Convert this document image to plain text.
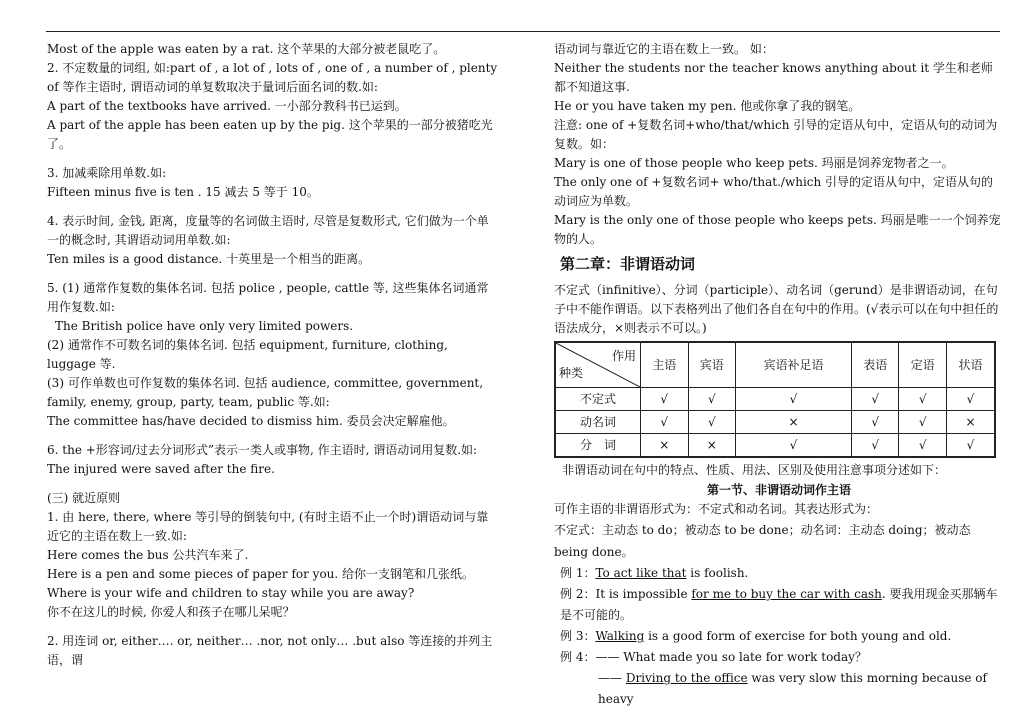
Most of the apple was eaten by a rat. 这个苹果的大部分被老鼠吃了。

2. 不定数量的词组, 如:part of , a lot of , lots of , one of , a number of , plenty of 等作主语时, 谓语动词的单复数取决于量词后面名词的数.如:

A part of the textbooks have arrived. 一小部分教科书已运到。

A part of the apple has been eaten up by the pig. 这个苹果的一部分被猪吃光了。

3. 加减乘除用单数.如:

Fifteen minus five is ten . 15 减去 5 等于 10。

4. 表示时间, 金钱, 距离，度量等的名词做主语时, 尽管是复数形式, 它们做为一个单一的概念时, 其谓语动词用单数.如:

Ten miles is a good distance. 十英里是一个相当的距离。

5. (1) 通常作复数的集体名词. 包括 police , people, cattle 等, 这些集体名词通常用作复数.如:

The British police have only very limited powers.

(2) 通常作不可数名词的集体名词. 包括 equipment, furniture, clothing, luggage 等.

(3) 可作单数也可作复数的集体名词. 包括 audience, committee, government, family, enemy, group, party, team, public 等.如:

The committee has/have decided to dismiss him. 委员会决定解雇他。

6. the +形容词/过去分词形式”表示一类人或事物, 作主语时, 谓语动词用复数.如:

The injured were saved after the fire.

(三) 就近原则

1. 由 here, there, where 等引导的倒装句中, (有时主语不止一个时)谓语动词与靠近它的主语在数上一致.如:

Here comes the bus 公共汽车来了.

Here is a pen and some pieces of paper for you. 给你一支钢笔和几张纸。

Where is your wife and children to stay while you are away?

你不在这儿的时候, 你爱人和孩子在哪儿呆呢？

2. 用连词 or, either…. or, neither… .nor, not only… .but also 等连接的并列主语，谓

语动词与靠近它的主语在数上一致。 如：

Neither the students nor the teacher knows anything about it 学生和老师都不知道这事.

He or you have taken my pen. 他或你拿了我的钢笔。

注意: one of +复数名词+who/that/which 引导的定语从句中，定语从句的动词为复数。如：

Mary is one of those people who keep pets. 玛丽是饲养宠物者之一。

The only one of +复数名词+ who/that./which 引导的定语从句中，定语从句的动词应为单数。

Mary is the only one of those people who keeps pets. 玛丽是唯一一个饲养宠物的人。

第二章：非谓语动词

不定式（infinitive）、分词（participle）、动名词（gerund）是非谓语动词，在句子中不能作谓语。以下表格列出了他们各自在句中的作用。(√表示可以在句中担任的语法成分，×则表示不可以。)

作用
种类	主语	宾语	宾语补足语	表语	定语	状语
不定式	√	√	√	√	√	√
动名词	√	√	×	√	√	×
分　词	×	×	√	√	√	√

非谓语动词在句中的特点、性质、用法、区别及使用注意事项分述如下：

第一节、非谓语动词作主语

可作主语的非谓语形式为：不定式和动名词。其表达形式为：

不定式：主动态 to do；被动态 to be done；动名词：主动态 doing；被动态 being done。

例 1：To act like that is foolish.
例 2：It is impossible for me to buy the car with cash. 要我用现金买那辆车是不可能的。
例 3：Walking is a good form of exercise for both young and old.
例 4：—— What made you so late for work today？
—— Driving to the office was very slow this morning because of heavy
